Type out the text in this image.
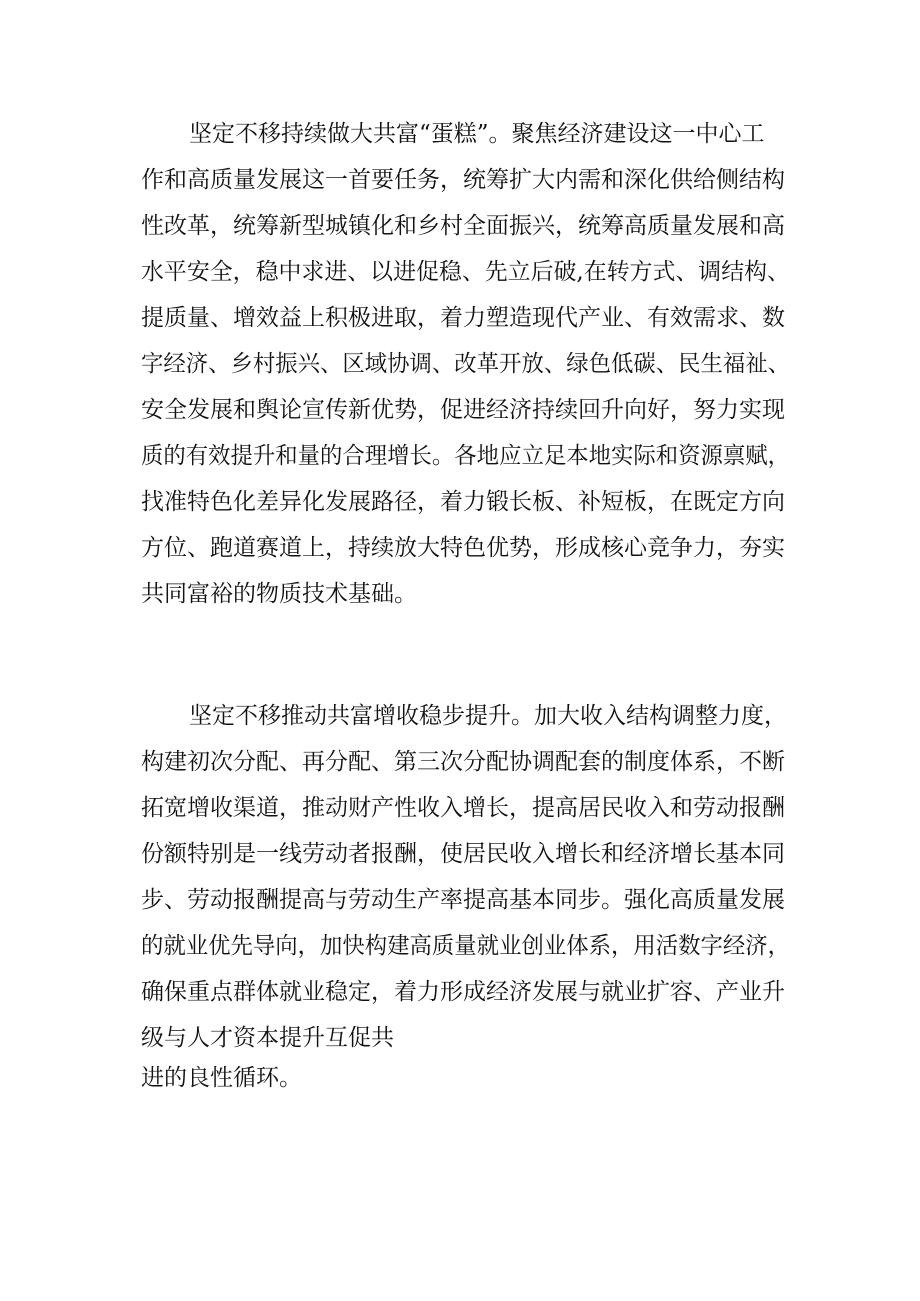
坚定不移持续做大共富“蛋糕”。聚焦经济建设这一中心工
作和高质量发展这一首要任务，统筹扩大内需和深化供给侧结构
性改革，统筹新型城镇化和乡村全面振兴，统筹高质量发展和高
水平安全，稳中求进、以进促稳、先立后破,在转方式、调结构、
提质量、增效益上积极进取，着力塑造现代产业、有效需求、数
字经济、乡村振兴、区域协调、改革开放、绿色低碳、民生福祉、
安全发展和舆论宣传新优势，促进经济持续回升向好，努力实现
质的有效提升和量的合理增长。各地应立足本地实际和资源禀赋，
找准特色化差异化发展路径，着力锻长板、补短板，在既定方向
方位、跑道赛道上，持续放大特色优势，形成核心竞争力，夯实
共同富裕的物质技术基础。
坚定不移推动共富增收稳步提升。加大收入结构调整力度，
构建初次分配、再分配、第三次分配协调配套的制度体系，不断
拓宽增收渠道，推动财产性收入增长，提高居民收入和劳动报酬
份额特别是一线劳动者报酬，使居民收入增长和经济增长基本同
步、劳动报酬提高与劳动生产率提高基本同步。强化高质量发展
的就业优先导向，加快构建高质量就业创业体系，用活数字经济，
确保重点群体就业稳定，着力形成经济发展与就业扩容、产业升
级与人才资本提升互促共
进的良性循环。
